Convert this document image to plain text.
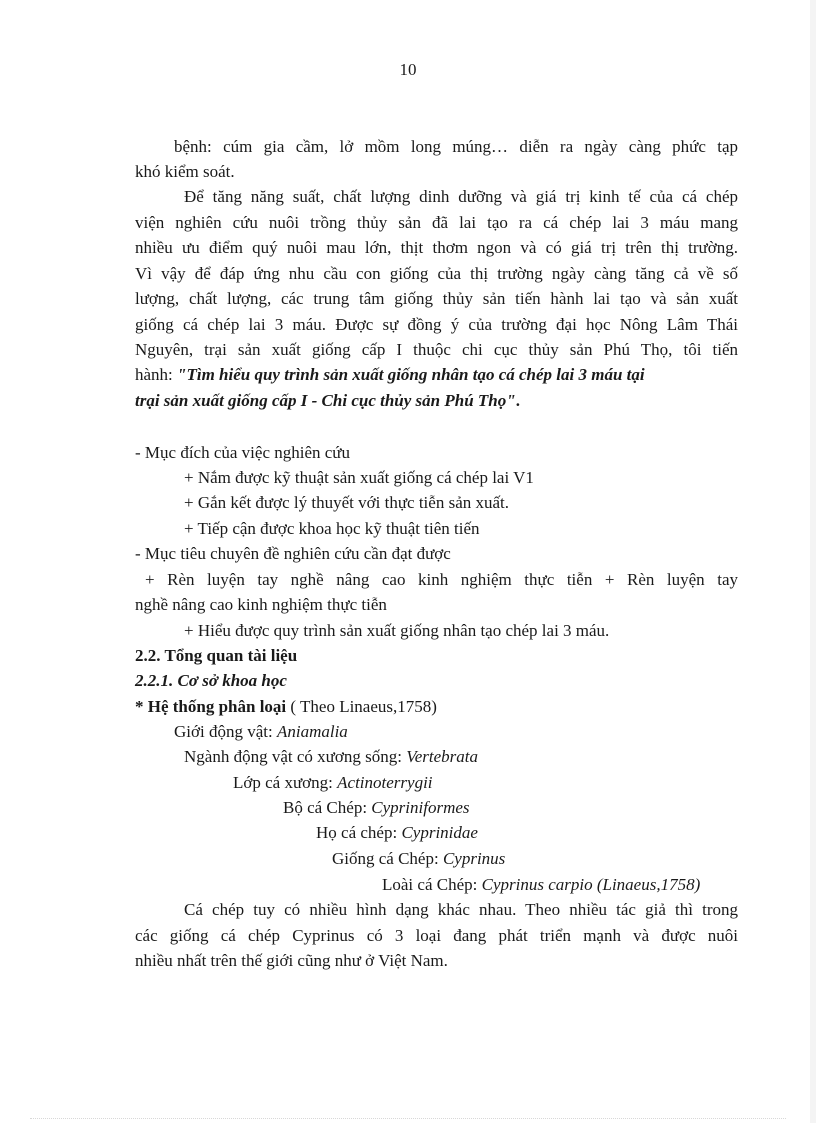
10
bệnh: cúm gia cầm, lở mồm long múng… diễn ra ngày càng phức tạp
khó kiểm soát.
Để tăng năng suất, chất lượng dinh dưỡng và giá trị kinh tế của cá chép
viện nghiên cứu nuôi trồng thủy sản đã lai tạo ra cá chép lai 3 máu mang
nhiều ưu điểm quý nuôi mau lớn, thịt thơm ngon và có giá trị trên thị trường.
Vì vậy để đáp ứng nhu cầu con giống của thị trường ngày càng tăng cả về số
lượng, chất lượng, các trung tâm giống thủy sản tiến hành lai tạo và sản xuất
giống cá chép lai 3 máu. Được sự đồng ý của trường đại học Nông Lâm Thái
Nguyên, trại sản xuất giống cấp I thuộc chi cục thủy sản Phú Thọ, tôi tiến
hành: "Tìm hiểu quy trình sản xuất giống nhân tạo cá chép lai 3 máu tại
trại sản xuất giống cấp I - Chi cục thủy sản Phú Thọ".
- Mục đích của việc nghiên cứu
+ Nắm được kỹ thuật sản xuất giống cá chép lai V1
+ Gắn kết được lý thuyết với thực tiễn sản xuất.
+ Tiếp cận được khoa học kỹ thuật tiên tiến
- Mục tiêu chuyên đề nghiên cứu cần đạt được
+ Rèn luyện tay nghề nâng cao kinh nghiệm thực tiễn + Rèn luyện tay
nghề nâng cao kinh nghiệm thực tiễn
+ Hiểu được quy trình sản xuất giống nhân tạo chép lai 3 máu.
2.2. Tổng quan tài liệu
2.2.1. Cơ sở khoa học
* Hệ thống phân loại ( Theo Linaeus,1758)
Giới động vật: Aniamalia
Ngành động vật có xương sống: Vertebrata
Lớp cá xương: Actinoterrygii
Bộ cá Chép: Cypriniformes
Họ cá chép: Cyprinidae
Giống cá Chép: Cyprinus
Loài cá Chép: Cyprinus carpio (Linaeus,1758)
Cá chép tuy có nhiều hình dạng khác nhau. Theo nhiều tác giả thì trong
các giống cá chép Cyprinus có 3 loại đang phát triển mạnh và được nuôi
nhiều nhất trên thế giới cũng như ở Việt Nam.
